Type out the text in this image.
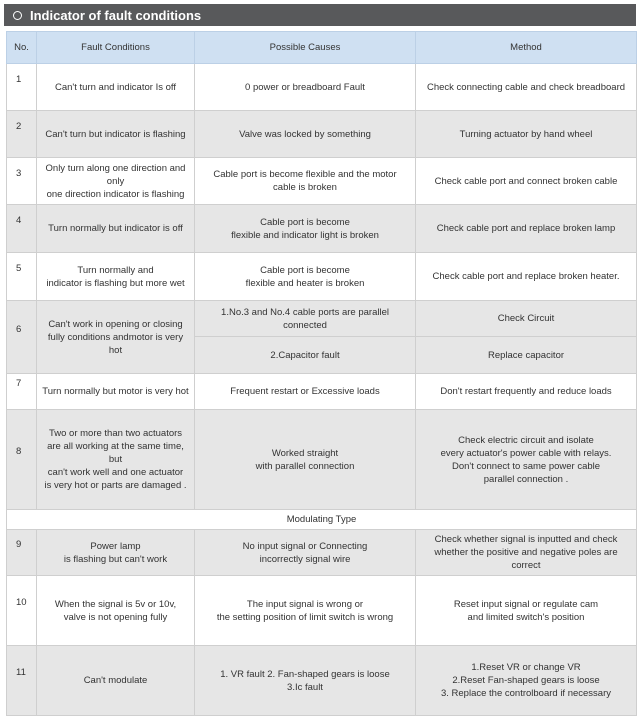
Indicator of fault conditions
No.	Fault Conditions	Possible Causes	Method
1	Can't turn and indicator Is off	0 power or breadboard Fault	Check connecting cable and check breadboard
2	Can't turn but indicator is flashing	Valve was locked by something	Turning actuator by hand wheel
3	Only turn along one direction and only
one direction indicator is flashing	Cable port is become flexible and the motor
cable is broken	Check cable port and connect broken cable
4	Turn normally but indicator is off	Cable port is become
flexible and indicator light is broken	Check cable port and replace broken lamp
5	Turn normally and
indicator is flashing but more wet	Cable port is become
flexible and heater is broken	Check cable port and replace broken heater.
6	Can't work in opening or closing
fully conditions andmotor is very hot	1.No.3 and No.4 cable ports are parallel connected	Check Circuit
		2.Capacitor fault	Replace capacitor
7	Turn normally but motor is very hot	Frequent restart or Excessive loads	Don't restart frequently and reduce loads
8	Two or more than two actuators
are all working at the same time, but
can't work well and one actuator
is very hot or parts are damaged .	Worked straight
with parallel connection	Check electric circuit and isolate
every actuator's power cable with relays.
Don't connect to same power cable
parallel connection .
Modulating Type			
9	Power lamp
is flashing but can't work	No input signal or Connecting
incorrectly signal wire	Check whether signal is inputted and check
whether the positive and negative poles are correct
10	When the signal is 5v or 10v,
valve is not opening fully	The input signal is wrong or
the setting position of limit switch is wrong	Reset input signal or regulate cam
and limited switch's position
11	Can't modulate	1. VR fault 2. Fan-shaped gears is loose
3.Ic fault	1.Reset VR or change VR
2.Reset Fan-shaped gears is loose
3. Replace the controlboard if necessary
